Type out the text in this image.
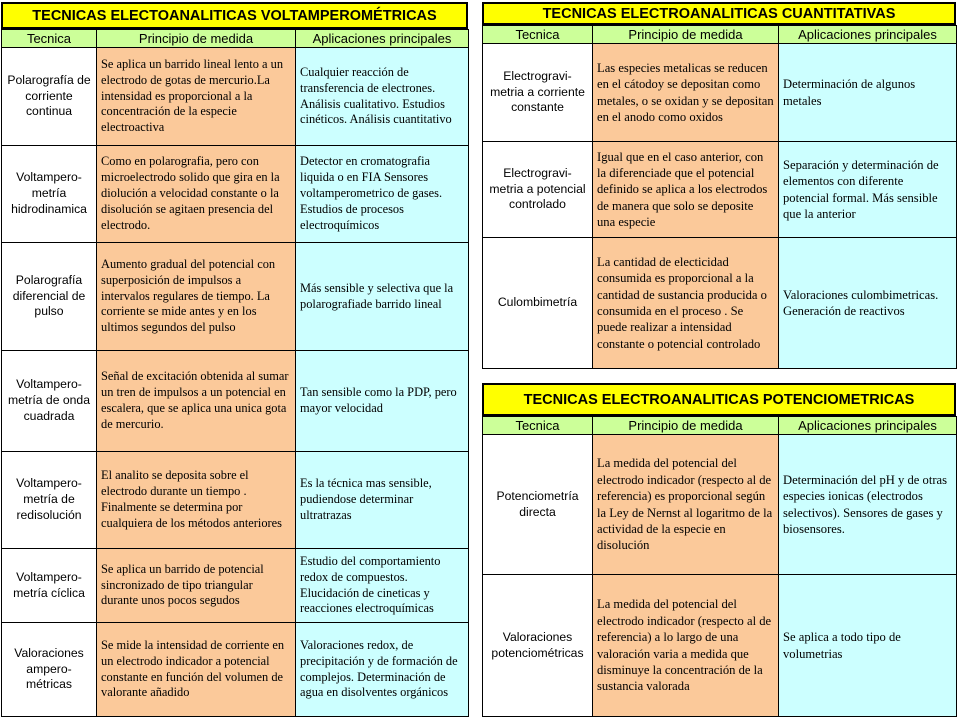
TECNICAS ELECTOANALITICAS VOLTAMPEROMÉTRICAS
Tecnica	Principio de medida	Aplicaciones principales
Polarografía de corriente continua	Se aplica un barrido lineal lento a un electrodo de gotas de mercurio.La intensidad es proporcional a la concentración de la especie electroactiva	Cualquier reacción de transferencia de electrones. Análisis cualitativo. Estudios cinéticos. Análisis cuantitativo
Voltampero-metría hidrodinamica	Como en polarografia, pero con microelectrodo solido que gira en la diolución a velocidad constante o la disolución se agitaen presencia del electrodo.	Detector en cromatografia liquida o en FIA Sensores voltamperometrico de gases. Estudios de procesos electroquímicos
Polarografía diferencial de pulso	Aumento gradual del potencial con superposición de impulsos a intervalos regulares de tiempo. La corriente se mide antes y en los ultimos segundos del pulso	Más sensible y selectiva que la polarografiade barrido lineal
Voltampero-metría de onda cuadrada	Señal de excitación obtenida al sumar un tren de impulsos a un potencial en escalera, que se aplica una unica gota de mercurio.	Tan sensible como la PDP, pero mayor velocidad
Voltampero-metría de redisolución	El analito se deposita sobre el electrodo durante un tiempo . Finalmente se determina por cualquiera de los métodos anteriores	Es la técnica mas sensible, pudiendose determinar ultratrazas
Voltampero-metría cíclica	Se aplica un barrido de potencial sincronizado de tipo triangular durante unos pocos segudos	Estudio del comportamiento redox de compuestos. Elucidación de cineticas y reacciones electroquímicas
Valoraciones ampero-métricas	Se mide la intensidad de corriente en un electrodo indicador a potencial constante en función del volumen de valorante añadido	Valoraciones redox, de precipitación y de formación de complejos. Determinación de agua en disolventes orgánicos
TECNICAS ELECTROANALITICAS CUANTITATIVAS
Tecnica	Principio de medida	Aplicaciones principales
Electrogravi-metria a corriente constante	Las especies metalicas se reducen en el cátodoy se depositan como metales, o se oxidan y se depositan en el anodo como oxidos	Determinación de algunos metales
Electrogravi-metria a potencial controlado	Igual que en el caso anterior, con la diferenciade que el potencial definido se aplica a los electrodos de manera que solo se deposite una especie	Separación y determinación de elementos con diferente potencial formal. Más sensible que la anterior
Culombimetría	La cantidad de electicidad consumida es proporcional a la cantidad de sustancia producida o consumida en el proceso . Se puede realizar a intensidad constante o potencial controlado	Valoraciones culombimetricas. Generación de reactivos
TECNICAS ELECTROANALITICAS POTENCIOMETRICAS
Tecnica	Principio de medida	Aplicaciones principales
Potenciometría directa	La medida del potencial del electrodo indicador (respecto al de referencia) es proporcional según la Ley de Nernst al logaritmo de la actividad de la especie en disolución	Determinación del pH y de otras especies ionicas (electrodos selectivos). Sensores de gases y biosensores.
Valoraciones potenciométricas	La medida del potencial del electrodo indicador (respecto al de referencia) a lo largo de una valoración varia a medida que disminuye la concentración de la sustancia valorada	Se aplica a todo tipo de volumetrias
